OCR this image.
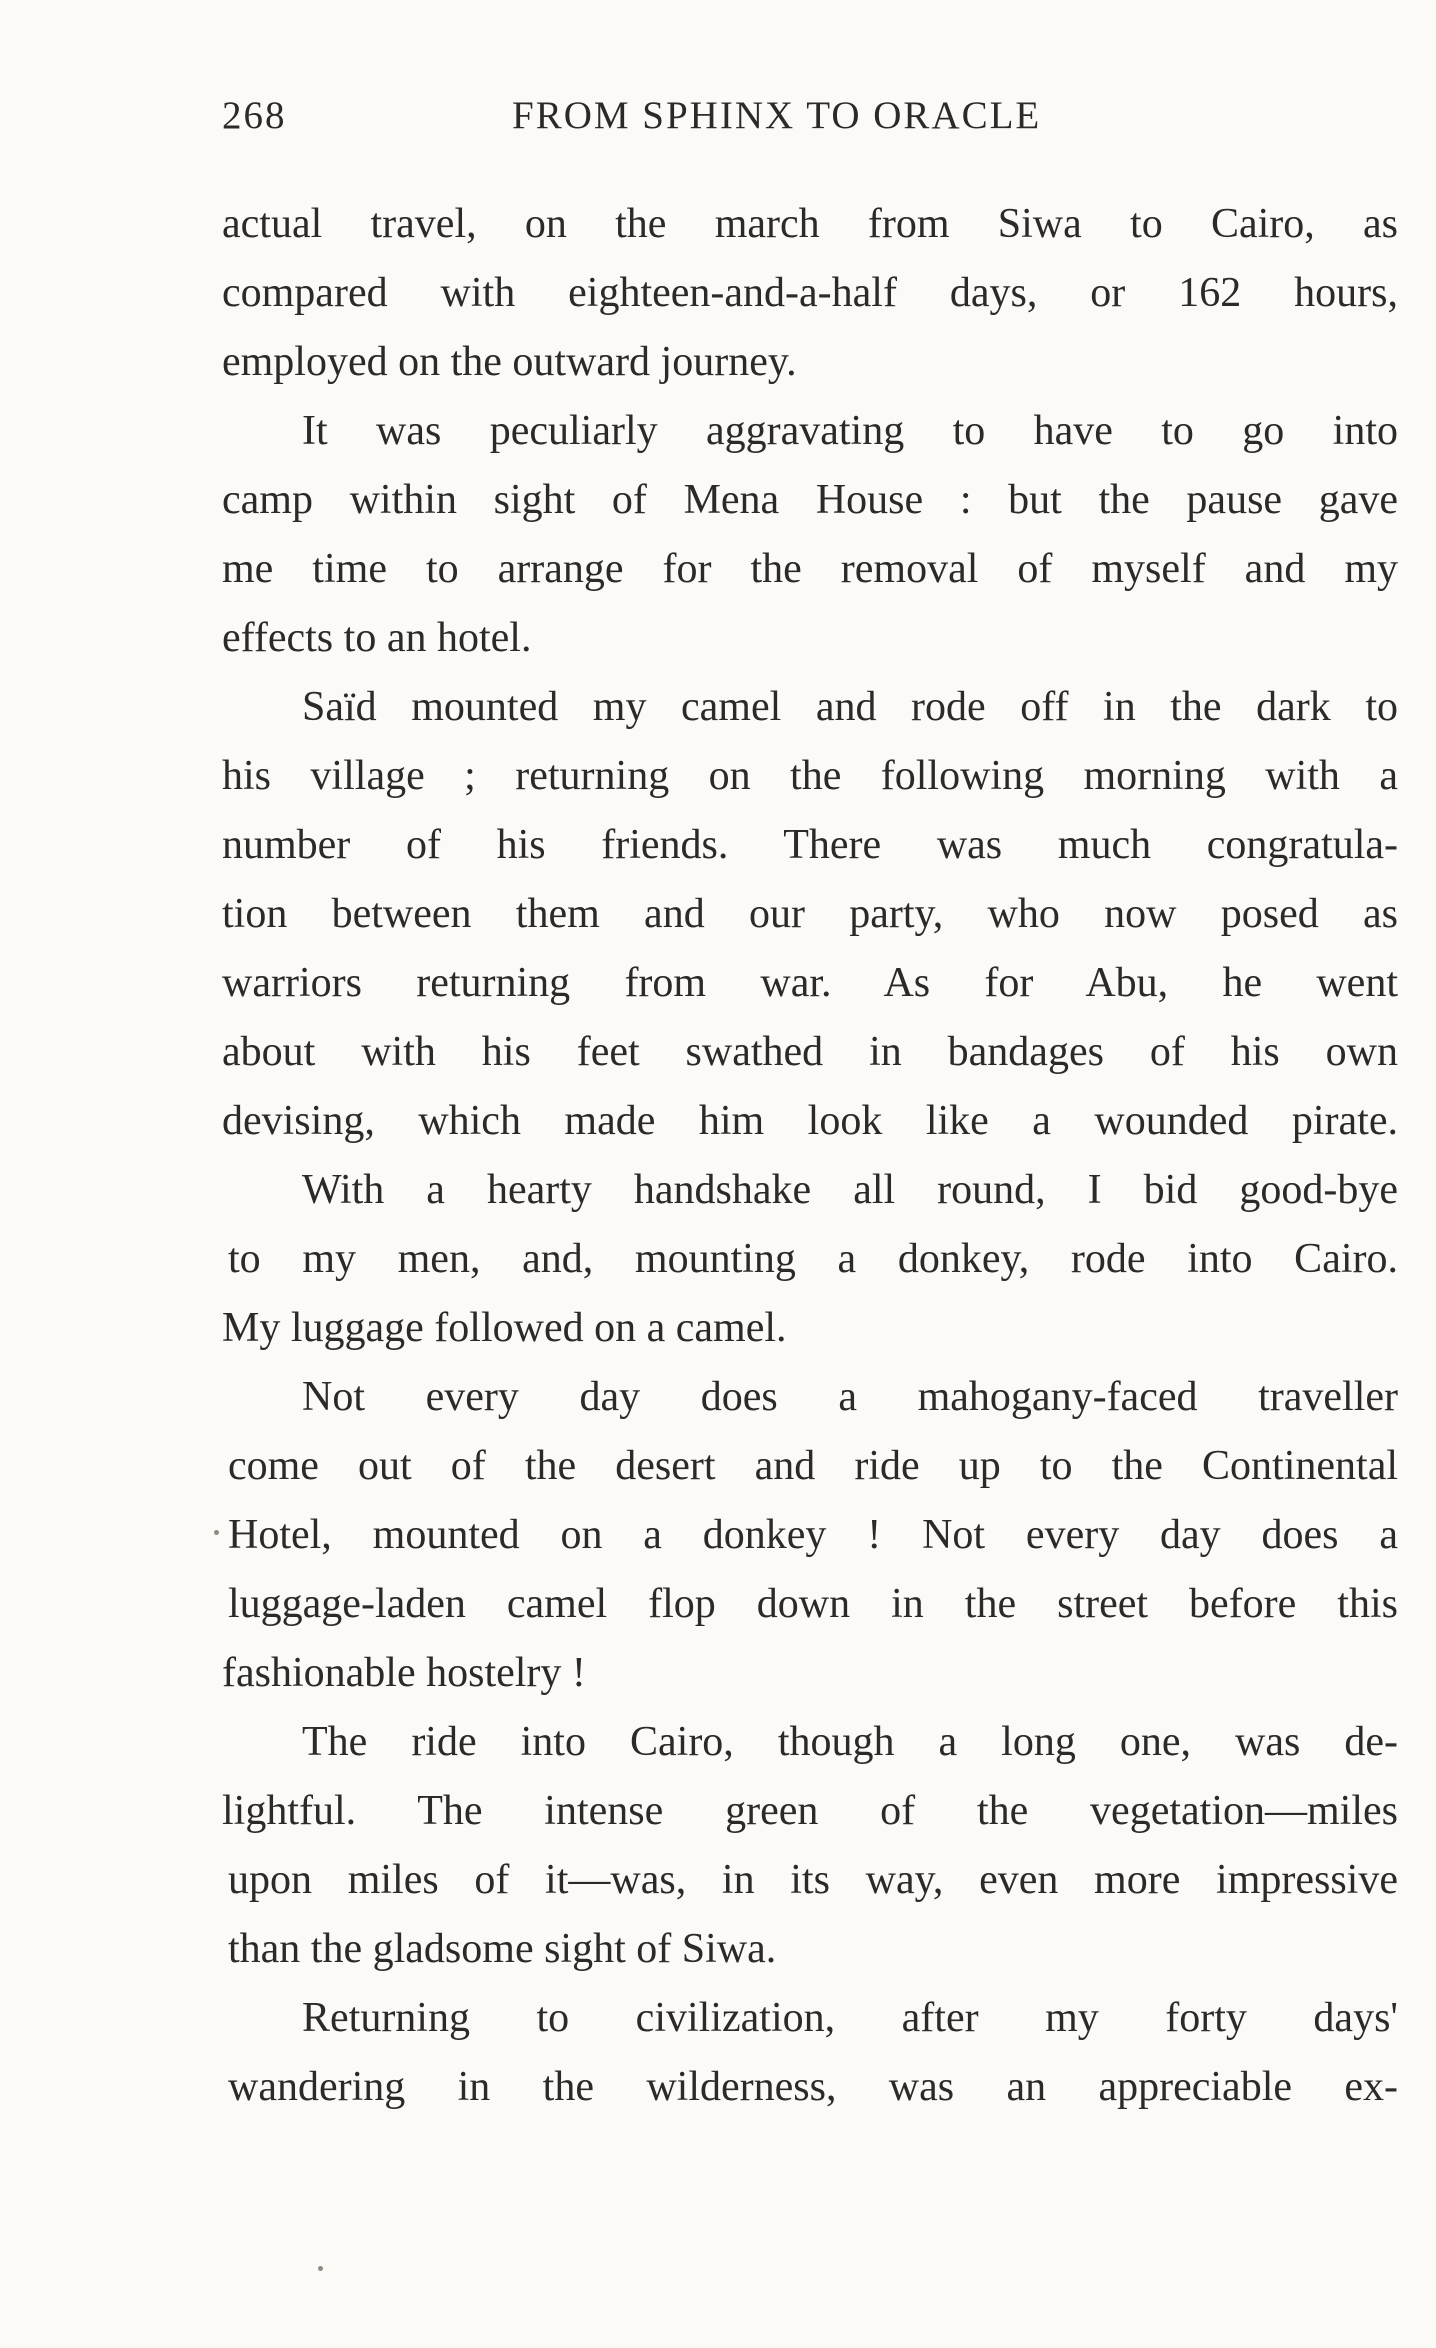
268	FROM SPHINX TO ORACLE
actual travel, on the march from Siwa to Cairo, as
compared with eighteen-and-a-half days, or 162 hours,
employed on the outward journey.
It was peculiarly aggravating to have to go into
camp within sight of Mena House : but the pause gave
me time to arrange for the removal of myself and my
effects to an hotel.
Saïd mounted my camel and rode off in the dark to
his village ; returning on the following morning with a
number of his friends. There was much congratula-
tion between them and our party, who now posed as
warriors returning from war. As for Abu, he went
about with his feet swathed in bandages of his own
devising, which made him look like a wounded pirate.
With a hearty handshake all round, I bid good-bye
to my men, and, mounting a donkey, rode into Cairo.
My luggage followed on a camel.
Not every day does a mahogany-faced traveller
come out of the desert and ride up to the Continental
Hotel, mounted on a donkey ! Not every day does a
luggage-laden camel flop down in the street before this
fashionable hostelry !
The ride into Cairo, though a long one, was de-
lightful. The intense green of the vegetation—miles
upon miles of it—was, in its way, even more impressive
than the gladsome sight of Siwa.
Returning to civilization, after my forty days'
wandering in the wilderness, was an appreciable ex-
